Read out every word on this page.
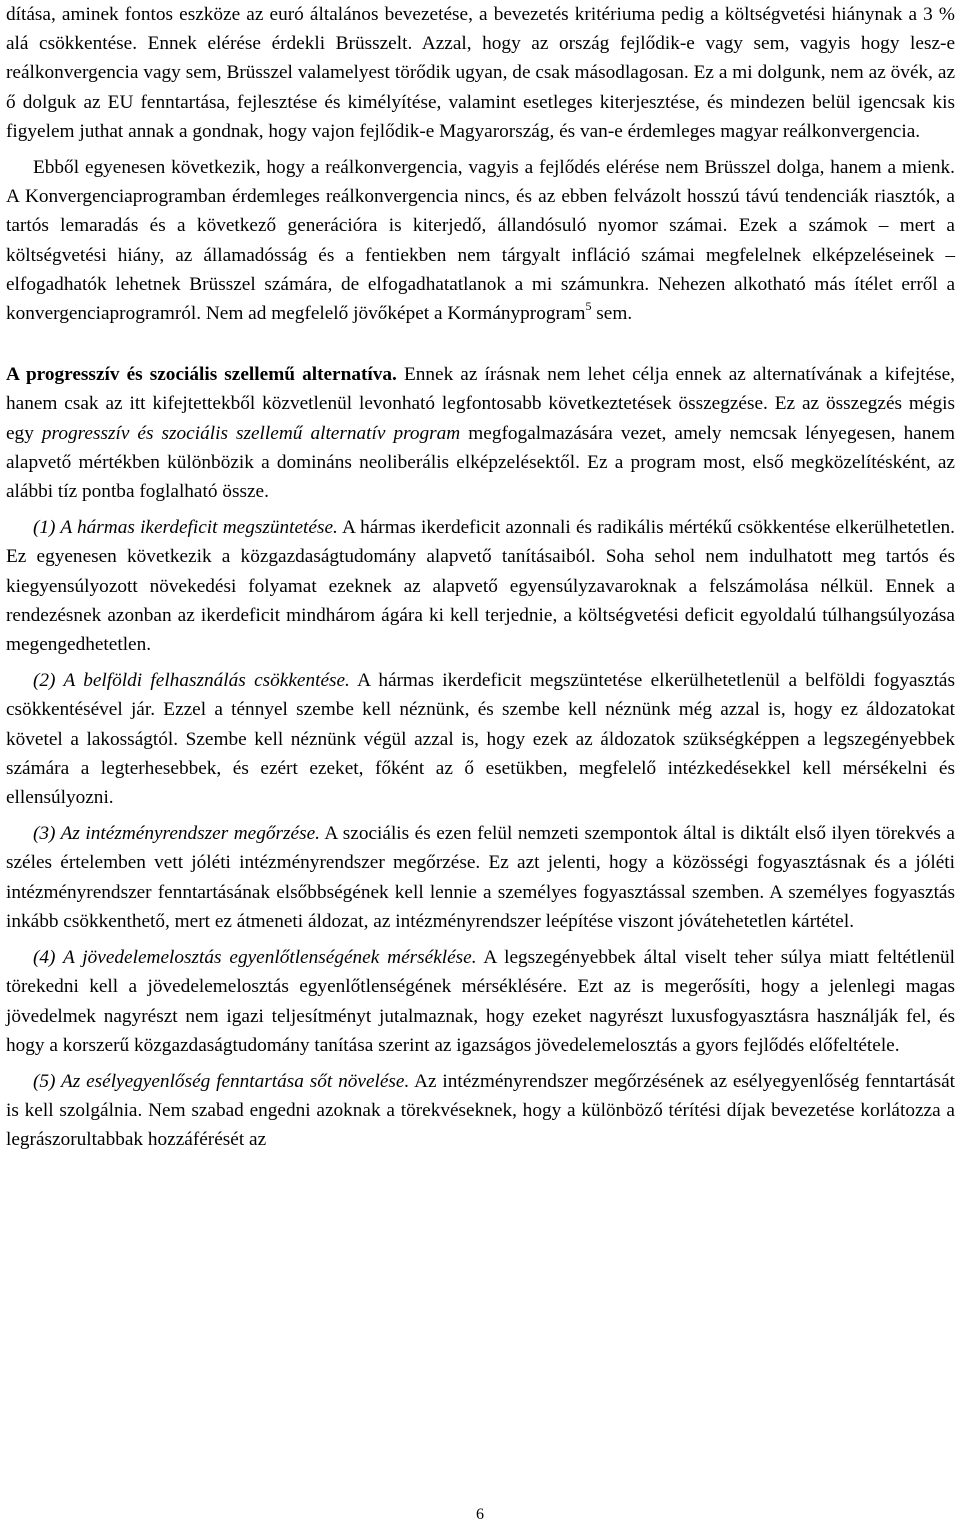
dítása, aminek fontos eszköze az euró általános bevezetése, a bevezetés kritériuma pedig a költségvetési hiánynak a 3 % alá csökkentése. Ennek elérése érdekli Brüsszelt. Azzal, hogy az ország fejlődik-e vagy sem, vagyis hogy lesz-e reálkonvergencia vagy sem, Brüsszel valamelyest törődik ugyan, de csak másodlagosan. Ez a mi dolgunk, nem az övék, az ő dolguk az EU fenntartása, fejlesztése és kimélyítése, valamint esetleges kiterjesztése, és mindezen belül igencsak kis figyelem juthat annak a gondnak, hogy vajon fejlődik-e Magyarország, és van-e érdemleges magyar reálkonvergencia.

Ebből egyenesen következik, hogy a reálkonvergencia, vagyis a fejlődés elérése nem Brüsszel dolga, hanem a mienk. A Konvergenciaprogramban érdemleges reálkonvergencia nincs, és az ebben felvázolt hosszú távú tendenciák riasztók, a tartós lemaradás és a következő generációra is kiterjedő, állandósuló nyomor számai. Ezek a számok – mert a költségvetési hiány, az államadósság és a fentiekben nem tárgyalt infláció számai megfelelnek elképzeléseinek – elfogadhatók lehetnek Brüsszel számára, de elfogadhatatlanok a mi számunkra. Nehezen alkotható más ítélet erről a konvergenciaprogramról. Nem ad megfelelő jövőképet a Kormányprogram$^5$ sem.

A progresszív és szociális szellemű alternatíva. Ennek az írásnak nem lehet célja ennek az alternatívának a kifejtése, hanem csak az itt kifejtettekből közvetlenül levonható legfontosabb következtetések összegzése. Ez az összegzés mégis egy progresszív és szociális szellemű alternatív program megfogalmazására vezet, amely nemcsak lényegesen, hanem alapvető mértékben különbözik a domináns neoliberális elképzelésektől. Ez a program most, első megközelítésként, az alábbi tíz pontba foglalható össze.

(1) A hármas ikerdeficit megszüntetése. A hármas ikerdeficit azonnali és radikális mértékű csökkentése elkerülhetetlen. Ez egyenesen következik a közgazdaságtudomány alapvető tanításaiból. Soha sehol nem indulhatott meg tartós és kiegyensúlyozott növekedési folyamat ezeknek az alapvető egyensúlyzavaroknak a felszámolása nélkül. Ennek a rendezésnek azonban az ikerdeficit mindhárom ágára ki kell terjednie, a költségvetési deficit egyoldalú túlhangsúlyozása megengedhetetlen.

(2) A belföldi felhasználás csökkentése. A hármas ikerdeficit megszüntetése elkerülhetetlenül a belföldi fogyasztás csökkentésével jár. Ezzel a ténnyel szembe kell néznünk, és szembe kell néznünk még azzal is, hogy ez áldozatokat követel a lakosságtól. Szembe kell néznünk végül azzal is, hogy ezek az áldozatok szükségképpen a legszegényebbek számára a legterhesebbek, és ezért ezeket, főként az ő esetükben, megfelelő intézkedésekkel kell mérsékelni és ellensúlyozni.

(3) Az intézményrendszer megőrzése. A szociális és ezen felül nemzeti szempontok által is diktált első ilyen törekvés a széles értelemben vett jóléti intézményrendszer megőrzése. Ez azt jelenti, hogy a közösségi fogyasztásnak és a jóléti intézményrendszer fenntartásának elsőbbségének kell lennie a személyes fogyasztással szemben. A személyes fogyasztás inkább csökkenthető, mert ez átmeneti áldozat, az intézményrendszer leépítése viszont jóvátehetetlen kártétel.

(4) A jövedelemelosztás egyenlőtlenségének mérséklése. A legszegényebbek által viselt teher súlya miatt feltétlenül törekedni kell a jövedelemelosztás egyenlőtlenségének mérséklésére. Ezt az is megerősíti, hogy a jelenlegi magas jövedelmek nagyrészt nem igazi teljesítményt jutalmaznak, hogy ezeket nagyrészt luxusfogyasztásra használják fel, és hogy a korszerű közgazdaságtudomány tanítása szerint az igazságos jövedelemelosztás a gyors fejlődés előfeltétele.

(5) Az esélyegyenlőség fenntartása sőt növelése. Az intézményrendszer megőrzésének az esélyegyenlőség fenntartását is kell szolgálnia. Nem szabad engedni azoknak a törekvéseknek, hogy a különböző térítési díjak bevezetése korlátozza a legrászorultabbak hozzáférését az

6
